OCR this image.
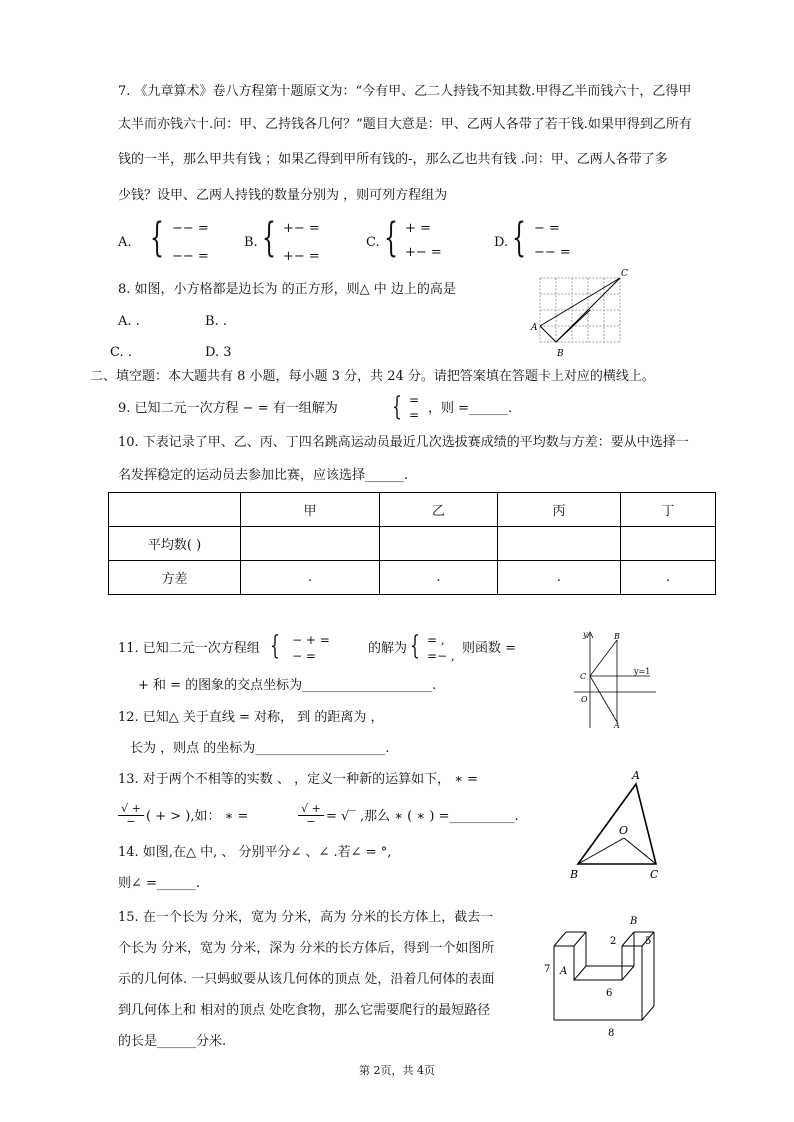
7. 《九章算术》卷八方程第十题原文为：“今有甲、乙二人持钱不知其数.甲得乙半而钱六十，乙得甲
太半而亦钱六十.问：甲、乙持钱各几何？”题目大意是：甲、乙两人各带了若干钱.如果甲得到乙所有
钱的一半，那么甲共有钱 ；如果乙得到甲所有钱的-，那么乙也共有钱 .问：甲、乙两人各带了多
少钱？设甲、乙两人持钱的数量分别为 ，则可列方程组为
A. { −− =
−− =
B. { +− =
+− =
C. { + =
+− =
D. { − =
−− =
8. 如图，小方格都是边长为 的正方形，则△ 中 边上的高是
A. .	B. .
C. .	D. 3
A
B
C
二、填空题：本大题共有 8 小题，每小题 3 分，共 24 分。请把答案填在答题卡上对应的横线上。
9. 已知二元一次方程 − = 有一组解为 { =
= ，则 =______.
10. 下表记录了甲、乙、丙、丁四名跳高运动员最近几次选拔赛成绩的平均数与方差：要从中选择一
名发挥稳定的运动员去参加比赛，应该选择______.
	甲	乙	丙	丁
平均数( )				
方差	.	.	.	.
11. 已知二元一次方程组 { − + =
− =	的解为 { = ,
=− , 则函数 =
+ 和 = 的图象的交点坐标为____________________.
y	B
C
O
A
y=1
12. 已知△ 关于直线 = 对称， 到 的距离为 ，
长为 ，则点 的坐标为____________________.
13. 对于两个不相等的实数 、 ，定义一种新的运算如下， ∗ =
√ +
− ( + > ),如： ∗ =
√ +
− = √‾ ,那么 ∗ ( ∗ ) =__________.
14. 如图,在△ 中, 、 分别平分∠ 、∠ .若∠ = °,
则∠ =______.
A
B	C
O
15. 在一个长为 分米，宽为 分米，高为 分米的长方体上，截去一
个长为 分米，宽为 分米，深为 分米的长方体后，得到一个如图所
示的几何体. 一只蚂蚁要从该几何体的顶点 处，沿着几何体的表面
到几何体上和 相对的顶点 处吃食物，那么它需要爬行的最短路径
的长是______分米.
B
A
2	5
6
7
8
第 2页，共 4页
